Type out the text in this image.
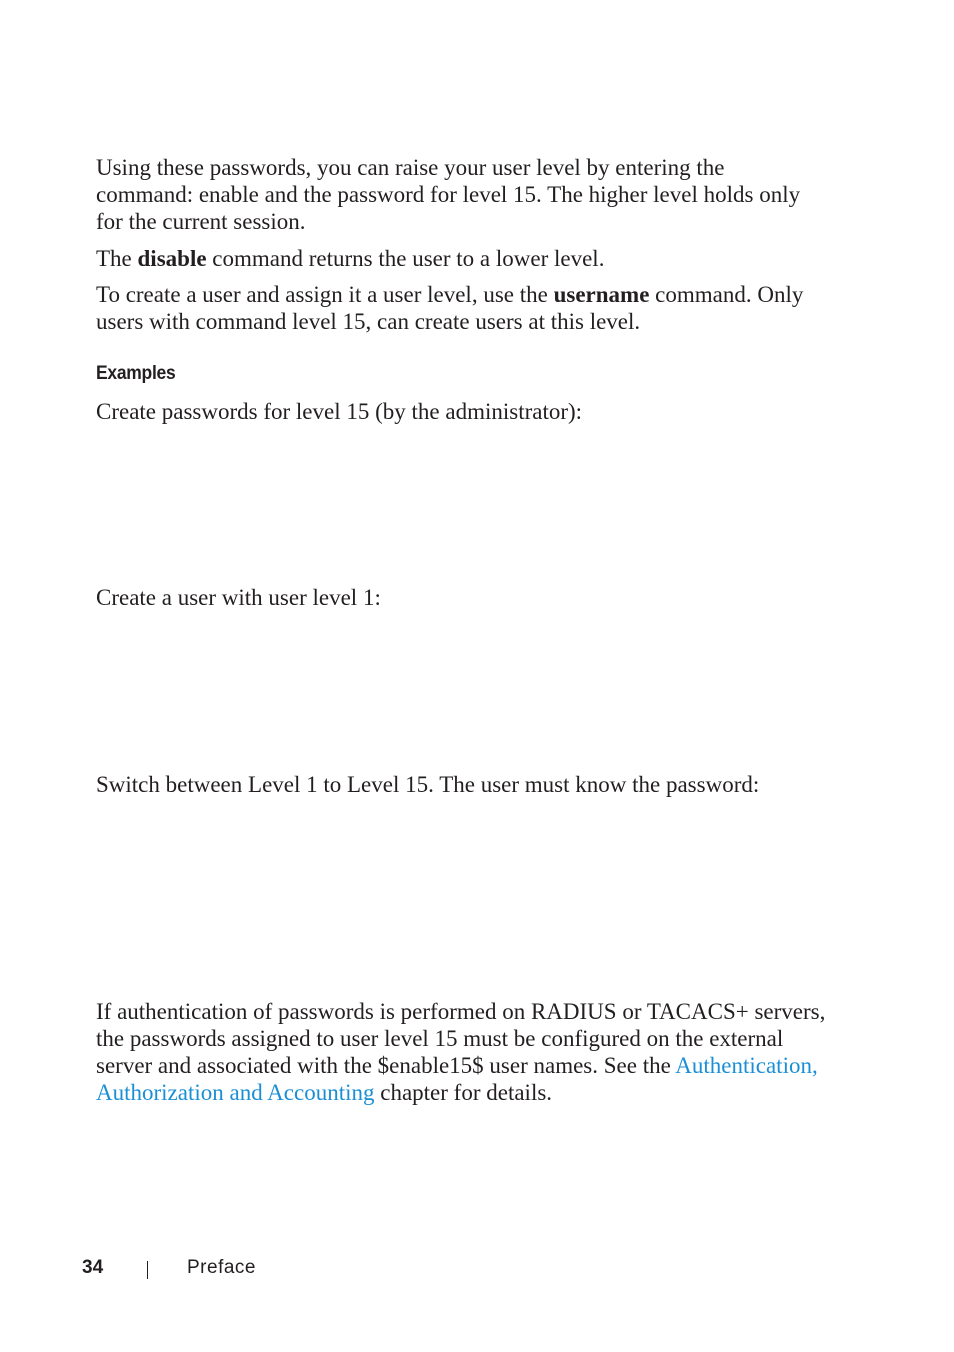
Using these passwords, you can raise your user level by entering the command: enable and the password for level 15. The higher level holds only for the current session.

The disable command returns the user to a lower level.

To create a user and assign it a user level, use the username command. Only users with command level 15, can create users at this level.

Examples

Create passwords for level 15 (by the administrator):

Create a user with user level 1:

Switch between Level 1 to Level 15. The user must know the password:

If authentication of passwords is performed on RADIUS or TACACS+ servers, the passwords assigned to user level 15 must be configured on the external server and associated with the $enable15$ user names. See the Authentication, Authorization and Accounting chapter for details.

34	Preface
